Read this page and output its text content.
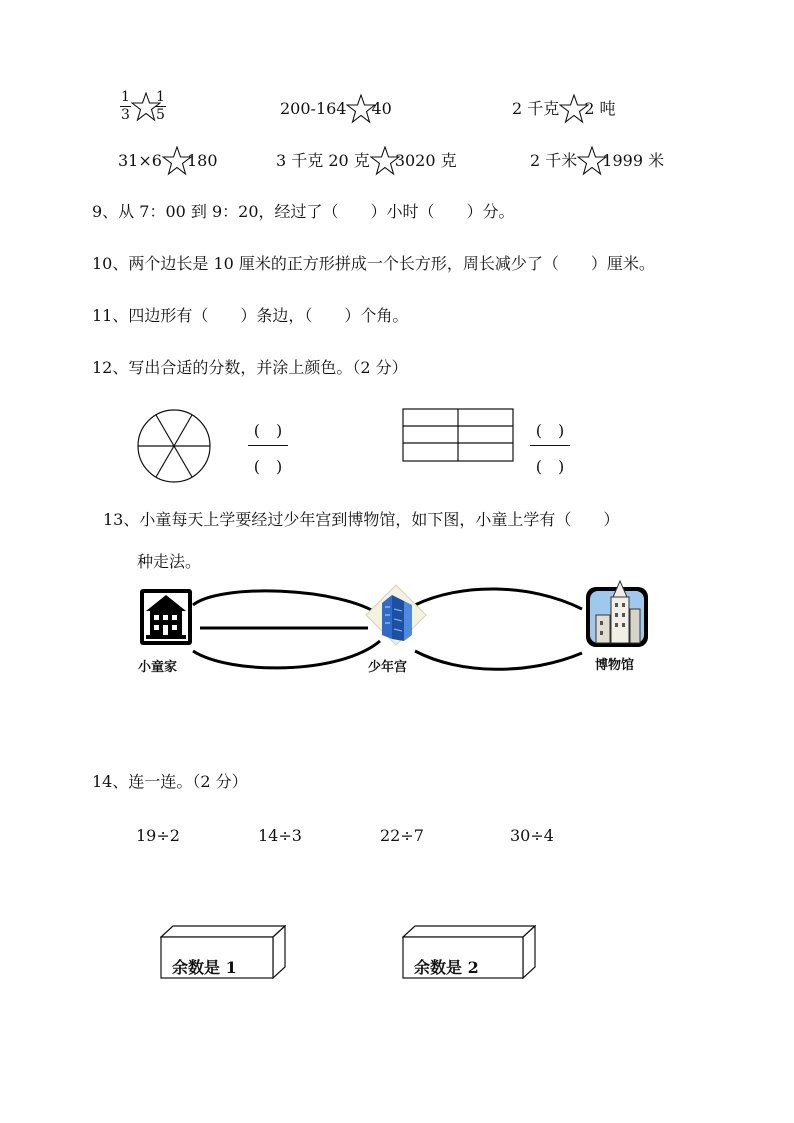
$\frac{1}{3} \frac{1}{5}$	200-164 40	2 千克 2 吨
31×6 180	3 千克 20 克 3020 克	2 千米 1999 米
9、从 7：00 到 9：20，经过了（　　）小时（　　）分。
10、两个边长是 10 厘米的正方形拼成一个长方形，周长减少了（　　）厘米。
11、四边形有（　　）条边，（　　）个角。
12、写出合适的分数，并涂上颜色。（2 分）
(　)
(　)
(　)
(　)
13、小童每天上学要经过少年宫到博物馆，如下图，小童上学有（　　）
种走法。
小童家	少年宫	博物馆
14、连一连。（2 分）
19÷2	14÷3	22÷7	30÷4
余数是 1	余数是 2
